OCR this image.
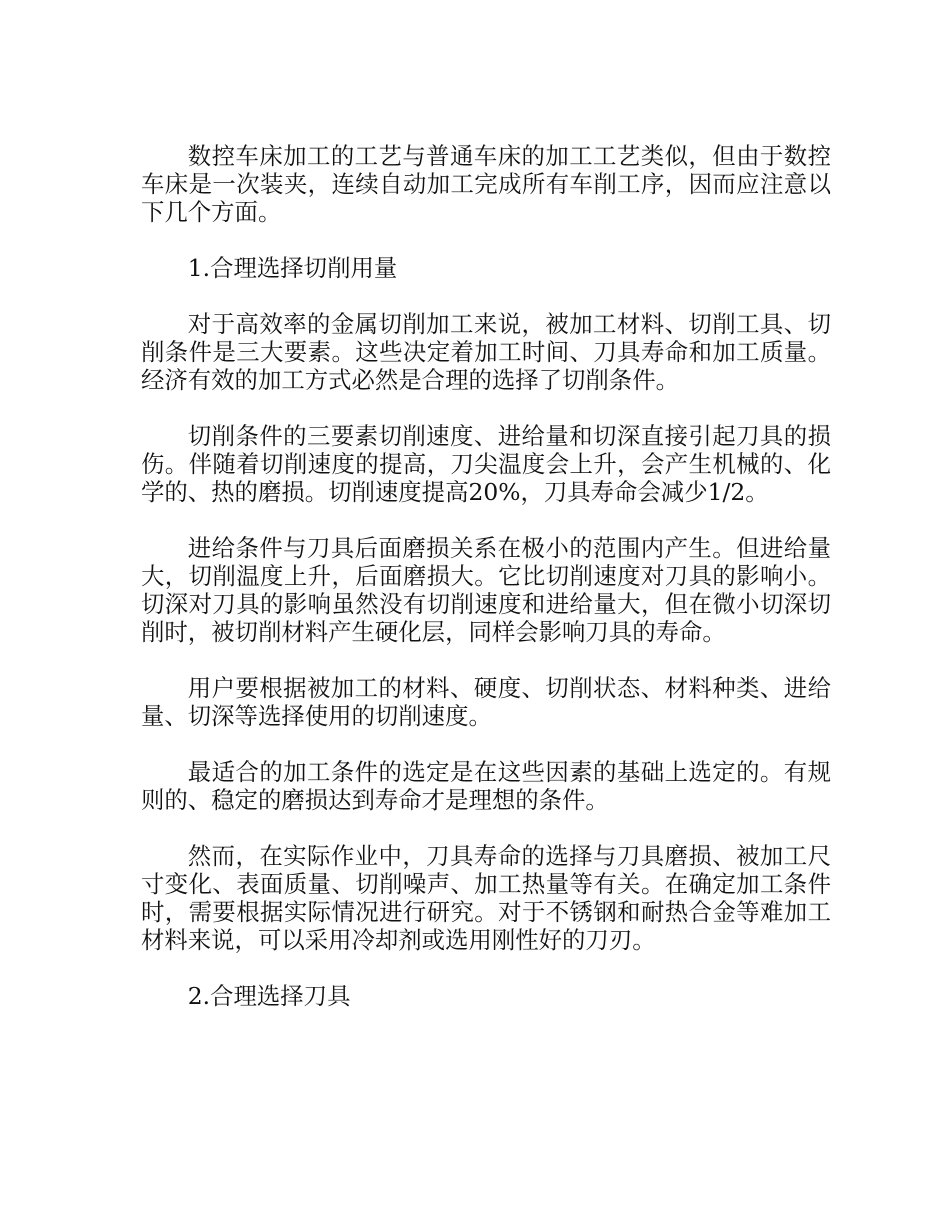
数控车床加工的工艺与普通车床的加工工艺类似，但由于数控车床是一次装夹，连续自动加工完成所有车削工序，因而应注意以下几个方面。

1.合理选择切削用量

对于高效率的金属切削加工来说，被加工材料、切削工具、切削条件是三大要素。这些决定着加工时间、刀具寿命和加工质量。经济有效的加工方式必然是合理的选择了切削条件。

切削条件的三要素切削速度、进给量和切深直接引起刀具的损伤。伴随着切削速度的提高，刀尖温度会上升，会产生机械的、化学的、热的磨损。切削速度提高20%，刀具寿命会减少1/2。

进给条件与刀具后面磨损关系在极小的范围内产生。但进给量大，切削温度上升，后面磨损大。它比切削速度对刀具的影响小。切深对刀具的影响虽然没有切削速度和进给量大，但在微小切深切削时，被切削材料产生硬化层，同样会影响刀具的寿命。

用户要根据被加工的材料、硬度、切削状态、材料种类、进给量、切深等选择使用的切削速度。

最适合的加工条件的选定是在这些因素的基础上选定的。有规则的、稳定的磨损达到寿命才是理想的条件。

然而，在实际作业中，刀具寿命的选择与刀具磨损、被加工尺寸变化、表面质量、切削噪声、加工热量等有关。在确定加工条件时，需要根据实际情况进行研究。对于不锈钢和耐热合金等难加工材料来说，可以采用冷却剂或选用刚性好的刀刃。

2.合理选择刀具
